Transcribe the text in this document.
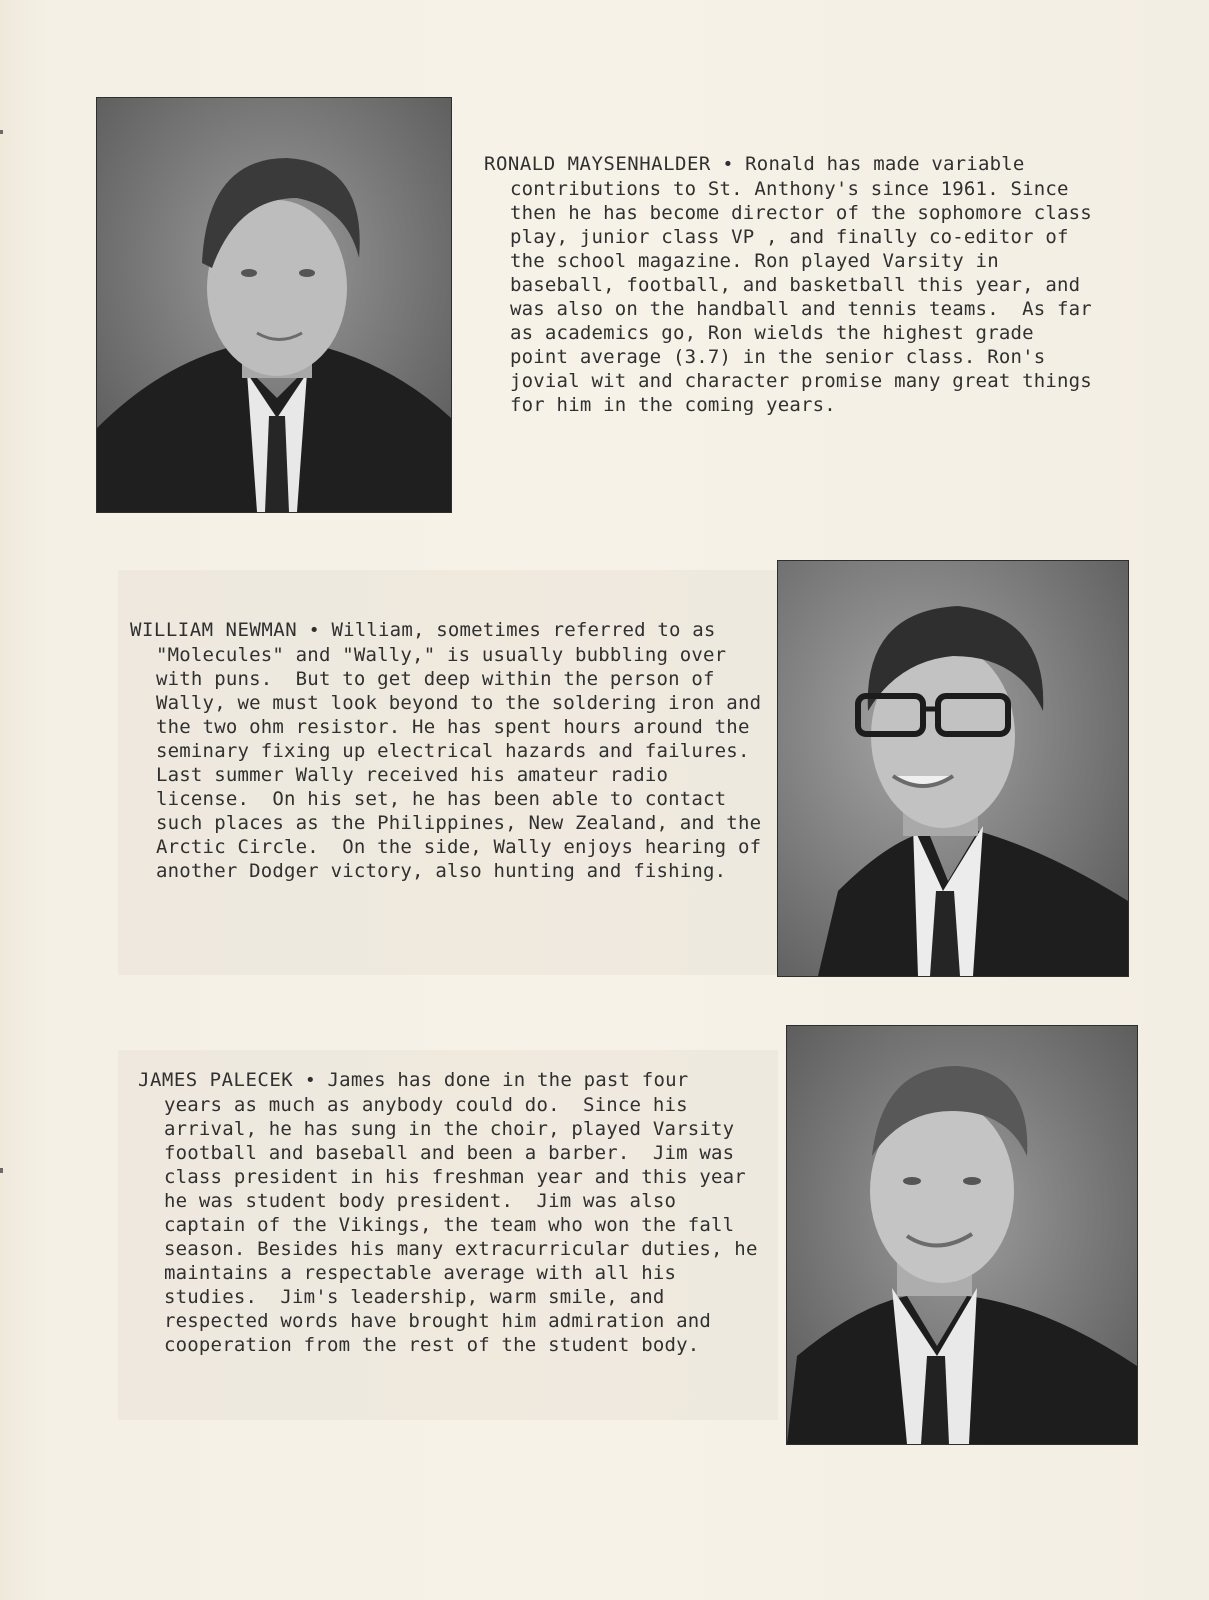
RONALD MAYSENHALDER • Ronald has made variable contributions to St. Anthony's since 1961. Since then he has become director of the sophomore class play, junior class VP , and finally co-editor of the school magazine. Ron played Varsity in baseball, football, and basketball this year, and was also on the handball and tennis teams.  As far as academics go, Ron wields the highest grade point average (3.7) in the senior class. Ron's jovial wit and character promise many great things for him in the coming years.

WILLIAM NEWMAN • William, sometimes referred to as "Molecules" and "Wally," is usually bubbling over with puns.  But to get deep within the person of Wally, we must look beyond to the soldering iron and the two ohm resistor. He has spent hours around the seminary fixing up electrical hazards and failures. Last summer Wally received his amateur radio license.  On his set, he has been able to contact such places as the Philippines, New Zealand, and the Arctic Circle.  On the side, Wally enjoys hearing of another Dodger victory, also hunting and fishing.

JAMES PALECEK • James has done in the past four years as much as anybody could do.  Since his arrival, he has sung in the choir, played Varsity football and baseball and been a barber.  Jim was class president in his freshman year and this year he was student body president.  Jim was also captain of the Vikings, the team who won the fall season. Besides his many extracurricular duties, he maintains a respectable average with all his studies.  Jim's leadership, warm smile, and respected words have brought him admiration and cooperation from the rest of the student body.
